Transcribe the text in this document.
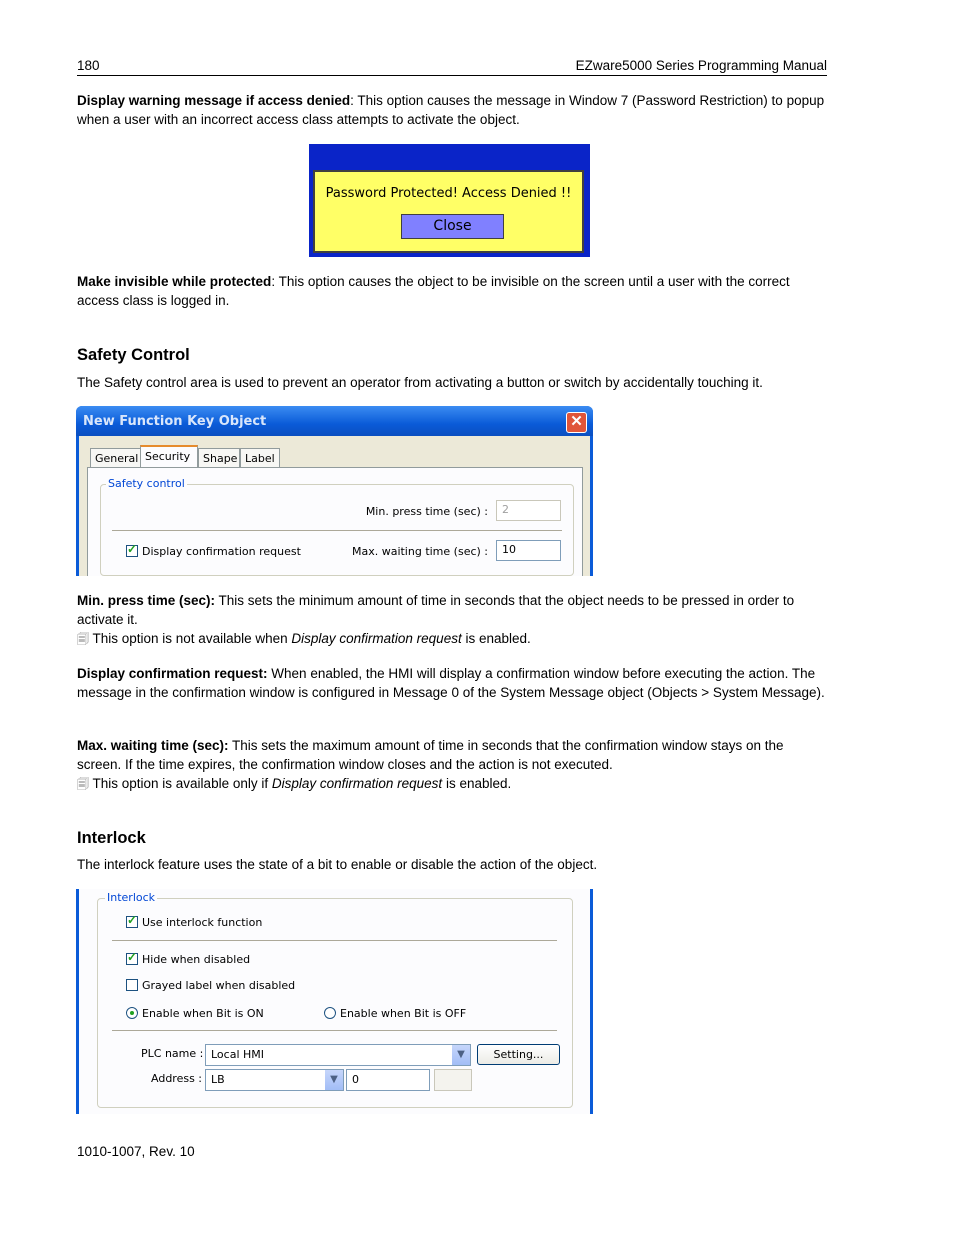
180	EZware5000 Series Programming Manual
Display warning message if access denied: This option causes the message in Window 7 (Password Restriction) to popup when a user with an incorrect access class attempts to activate the object.
Password Protected! Access Denied !!
Close
Make invisible while protected: This option causes the object to be invisible on the screen until a user with the correct access class is logged in.
Safety Control
The Safety control area is used to prevent an operator from activating a button or switch by accidentally touching it.
New Function Key Object	✕
General Security	Shape Label
Safety control
Min. press time (sec) :	2
✓
Display confirmation request	Max. waiting time (sec) :	10
Min. press time (sec): This sets the minimum amount of time in seconds that the object needs to be pressed in order to activate it.
🗐 This option is not available when Display confirmation request is enabled.
Display confirmation request: When enabled, the HMI will display a confirmation window before executing the action. The message in the confirmation window is configured in Message 0 of the System Message object (Objects > System Message).
Max. waiting time (sec): This sets the maximum amount of time in seconds that the confirmation window stays on the screen. If the time expires, the confirmation window closes and the action is not executed.
🗐 This option is available only if Display confirmation request is enabled.
Interlock
The interlock feature uses the state of a bit to enable or disable the action of the object.
Interlock
✓
Use interlock function
✓
Hide when disabled
Grayed label when disabled
Enable when Bit is ON	Enable when Bit is OFF
PLC name : Local HMI	▼	Setting...
Address : LB	▼	0
1010-1007, Rev. 10
